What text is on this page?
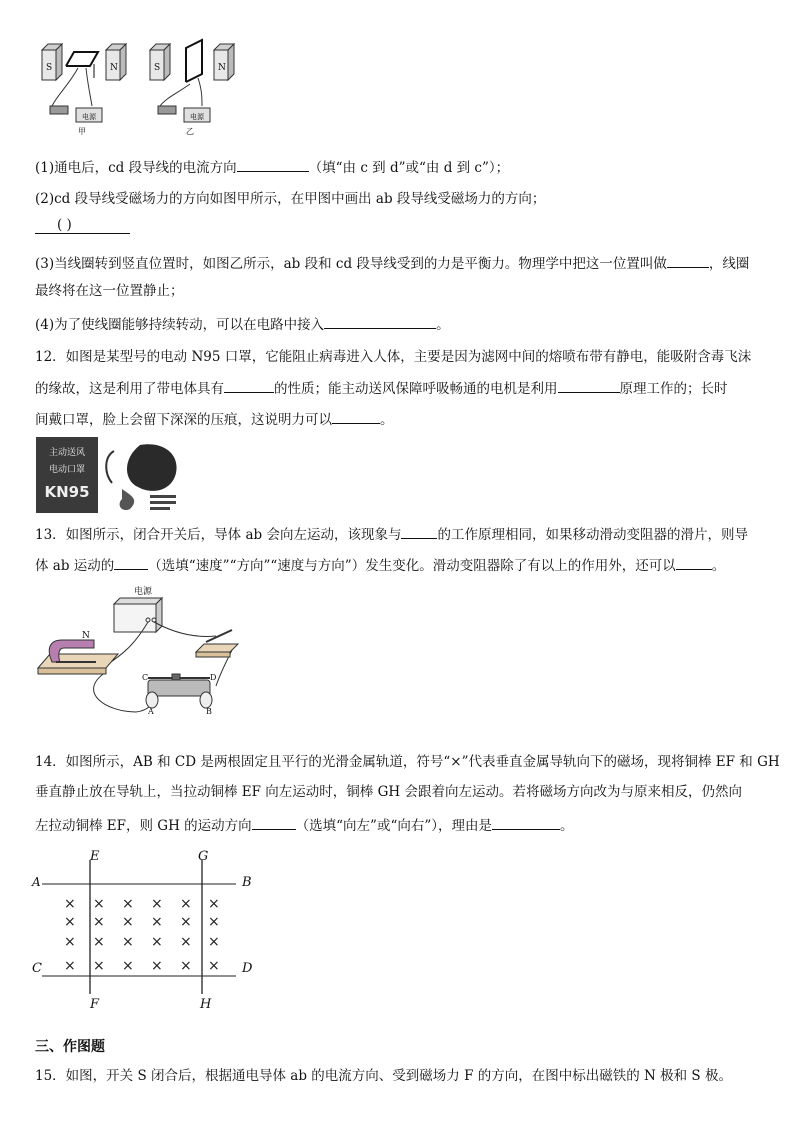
S	N
电源
甲
S	N
电源
乙
(1)通电后，cd 段导线的电流方向	（填“由 c 到 d”或“由 d 到 c”）；
(2)cd 段导线受磁场力的方向如图甲所示，在甲图中画出 ab 段导线受磁场力的方向；
( )
(3)当线圈转到竖直位置时，如图乙所示，ab 段和 cd 段导线受到的力是平衡力。物理学中把这一位置叫做	，线圈
最终将在这一位置静止；
(4)为了使线圈能够持续转动，可以在电路中接入	。
12．如图是某型号的电动 N95 口罩，它能阻止病毒进入人体，主要是因为滤网中间的熔喷布带有静电，能吸附含毒飞沫
的缘故，这是利用了带电体具有	的性质；能主动送风保障呼吸畅通的电机是利用	原理工作的；长时
间戴口罩，脸上会留下深深的压痕，这说明力可以	。
主动送风
电动口罩
KN95
13．如图所示，闭合开关后，导体 ab 会向左运动，该现象与	的工作原理相同，如果移动滑动变阻器的滑片，则导
体 ab 运动的	（选填“速度”“方向”“速度与方向”）发生变化。滑动变阻器除了有以上的作用外，还可以	。
电源
N
C	D
A	B
14．如图所示，AB 和 CD 是两根固定且平行的光滑金属轨道，符号“×”代表垂直金属导轨向下的磁场，现将铜棒 EF 和 GH
垂直静止放在导轨上，当拉动铜棒 EF 向左运动时，铜棒 GH 会跟着向左运动。若将磁场方向改为与原来相反，仍然向
左拉动铜棒 EF，则 GH 的运动方向	（选填“向左”或“向右”），理由是	。
× × × × × ×
× × × × × ×
× × × × × ×
× × × × × ×
A	B
C	D
E
F
G
H
三、作图题
15．如图，开关 S 闭合后，根据通电导体 ab 的电流方向、受到磁场力 F 的方向，在图中标出磁铁的 N 极和 S 极。
